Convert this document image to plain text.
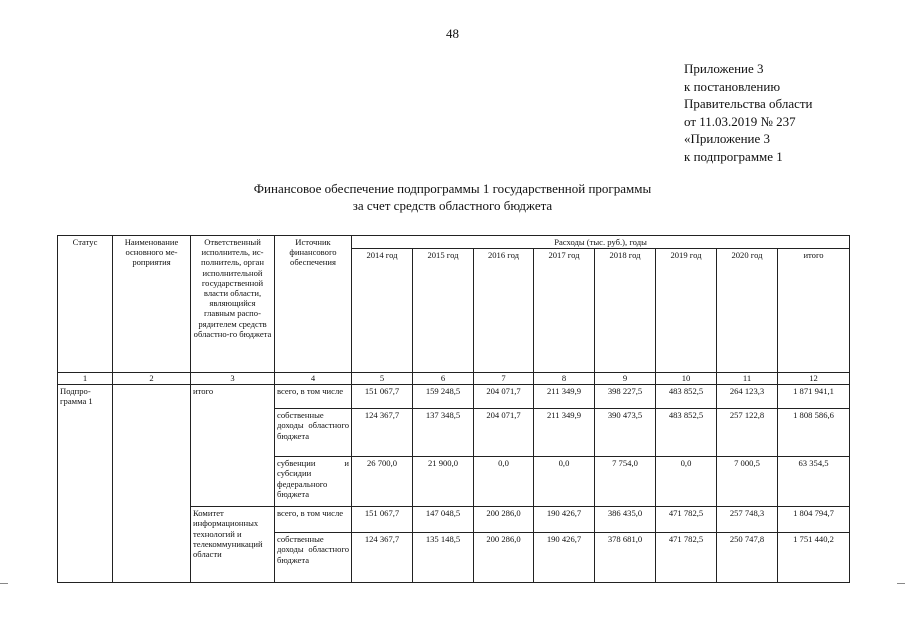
48
Приложение 3
к постановлению
Правительства области
от 11.03.2019 № 237
«Приложение 3
к подпрограмме 1
Финансовое обеспечение подпрограммы 1 государственной программы
за счет средств областного бюджета
Статус	Наименование основного ме-роприятия	Ответственный исполнитель, ис-полнитель, орган исполнительной государственной власти области, являющийся главным распо-рядителем средств областно-го бюджета	Источник финансового обеспечения	Расходы (тыс. руб.), годы							
				2014 год	2015 год	2016 год	2017 год	2018 год	2019 год	2020 год	итого
1	2	3	4	5	6	7	8	9	10	11	12
Подпро-грамма 1		итого	всего, в том числе	151 067,7	159 248,5	204 071,7	211 349,9	398 227,5	483 852,5	264 123,3	1 871 941,1
			собственные доходы областного бюджета	124 367,7	137 348,5	204 071,7	211 349,9	390 473,5	483 852,5	257 122,8	1 808 586,6
			субвенции и субсидии федерального бюджета	26 700,0	21 900,0	0,0	0,0	7 754,0	0,0	7 000,5	63 354,5
		Комитет информационных технологий и телекоммуникаций области	всего, в том числе	151 067,7	147 048,5	200 286,0	190 426,7	386 435,0	471 782,5	257 748,3	1 804 794,7
			собственные доходы областного бюджета	124 367,7	135 148,5	200 286,0	190 426,7	378 681,0	471 782,5	250 747,8	1 751 440,2
